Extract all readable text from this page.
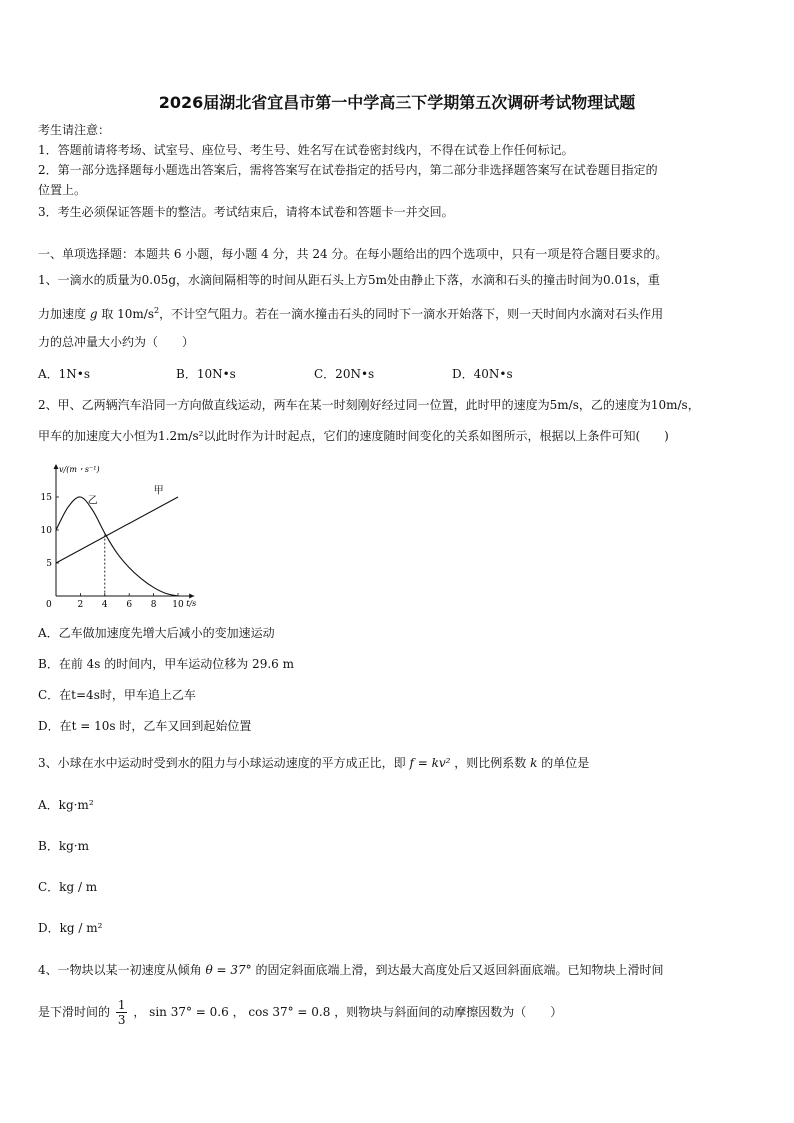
2026届湖北省宜昌市第一中学高三下学期第五次调研考试物理试题
考生请注意：
1．答题前请将考场、试室号、座位号、考生号、姓名写在试卷密封线内，不得在试卷上作任何标记。
2．第一部分选择题每小题选出答案后，需将答案写在试卷指定的括号内，第二部分非选择题答案写在试卷题目指定的
位置上。
3．考生必须保证答题卡的整洁。考试结束后，请将本试卷和答题卡一并交回。
一、单项选择题：本题共 6 小题，每小题 4 分，共 24 分。在每小题给出的四个选项中，只有一项是符合题目要求的。
1、一滴水的质量为0.05g，水滴间隔相等的时间从距石头上方5m处由静止下落，水滴和石头的撞击时间为0.01s，重
力加速度 g 取 $10m/s^2$，不计空气阻力。若在一滴水撞击石头的同时下一滴水开始落下，则一天时间内水滴对石头作用
力的总冲量大小约为（　　）
A．1N•s	B．10N•s	C．20N•s	D．40N•s
2、甲、乙两辆汽车沿同一方向做直线运动，两车在某一时刻刚好经过同一位置，此时甲的速度为5m/s，乙的速度为10m/s，
甲车的加速度大小恒为1.2m/s²以此时作为计时起点，它们的速度随时间变化的关系如图所示，根据以上条件可知(　　)
v/(m・s⁻¹)
t/s
0	2 4 6 8 10
5
10
15
甲
乙
A．乙车做加速度先增大后减小的变加速运动
B．在前 4s 的时间内，甲车运动位移为 29.6 m
C．在t=4s时，甲车追上乙车
D．在t = 10s 时，乙车又回到起始位置
3、小球在水中运动时受到水的阻力与小球运动速度的平方成正比，即 f = kv² ，则比例系数 k 的单位是
A．kg·m²
B．kg·m
C．kg / m
D．kg / m²
4、一物块以某一初速度从倾角 θ = 37° 的固定斜面底端上滑，到达最大高度处后又返回斜面底端。已知物块上滑时间
是下滑时间的 $\frac{1}{3}$ ， sin 37° = 0.6 ， cos 37° = 0.8 ，则物块与斜面间的动摩擦因数为（　　）
